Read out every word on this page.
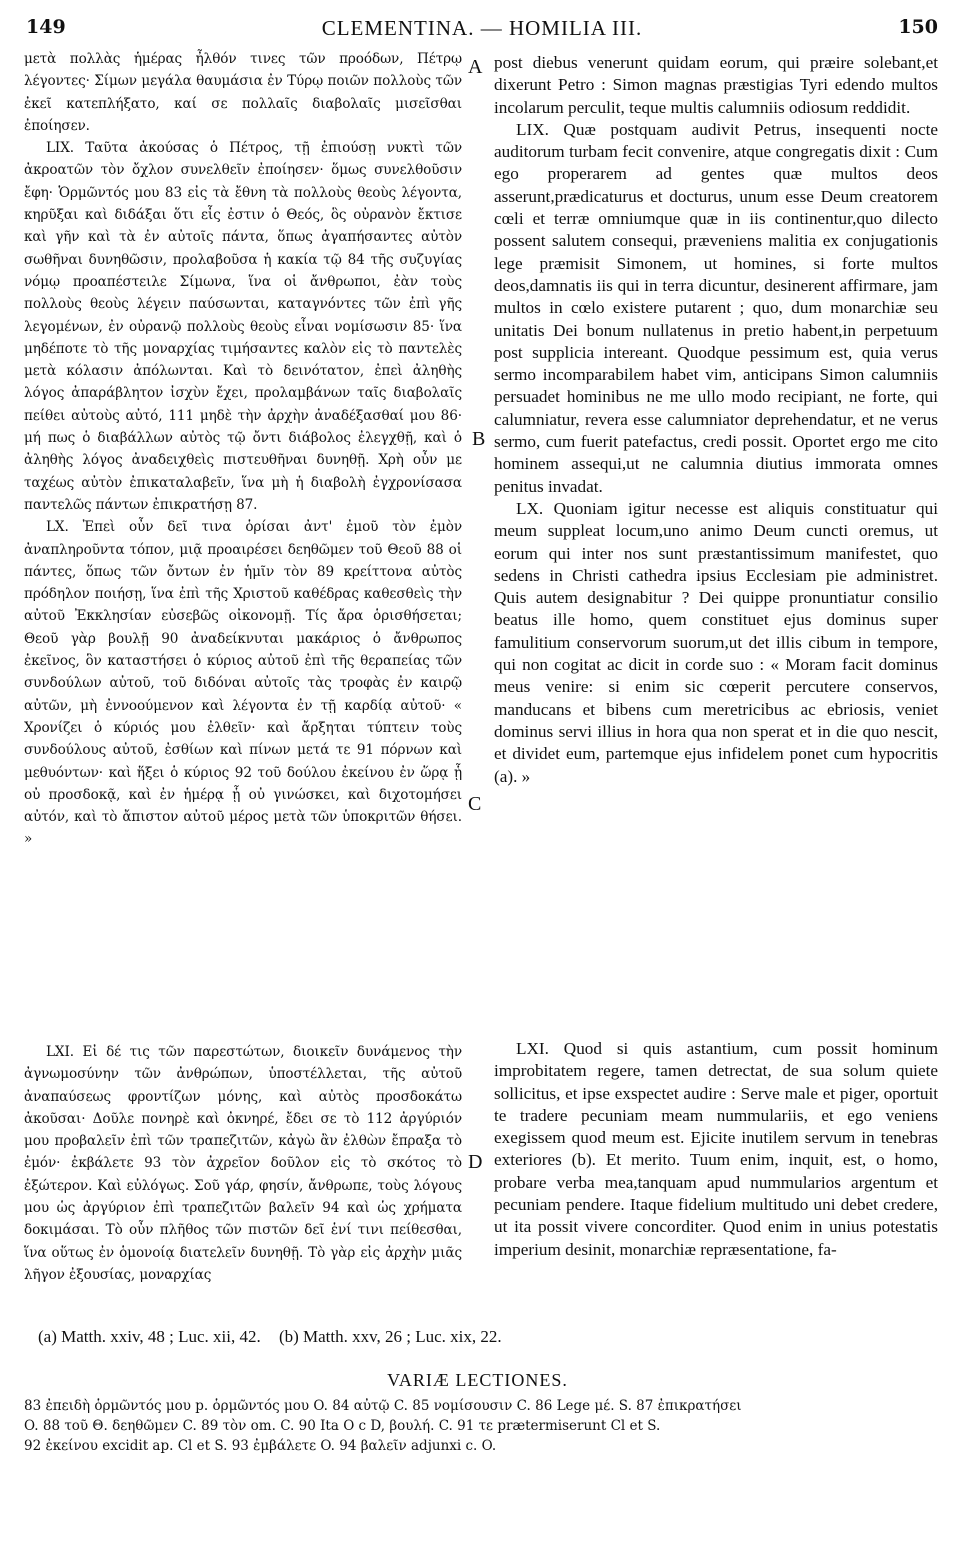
149	CLEMENTINA. — HOMILIA III.	150

μετὰ πολλὰς ἡμέρας ἦλθόν τινες τῶν προόδων, Πέτρῳ λέγοντες· Σίμων μεγάλα θαυμάσια ἐν Τύρῳ ποιῶν πολλοὺς τῶν ἐκεῖ κατεπλήξατο, καί σε πολλαῖς διαβολαῖς μισεῖσθαι ἐποίησεν.

LIX. Ταῦτα ἀκούσας ὁ Πέτρος, τῇ ἐπιούσῃ νυκτὶ τῶν ἀκροατῶν τὸν ὄχλον συνελθεῖν ἐποίησεν· ὅμως συνελθοῦσιν ἔφη· Ὁρμῶντός μου 83 εἰς τὰ ἔθνη τὰ πολλοὺς θεοὺς λέγοντα, κηρῦξαι καὶ διδάξαι ὅτι εἷς ἐστιν ὁ Θεός, ὃς οὐρανὸν ἔκτισε καὶ γῆν καὶ τὰ ἐν αὐτοῖς πάντα, ὅπως ἀγαπήσαντες αὐτὸν σωθῆναι δυνηθῶσιν, προλαβοῦσα ἡ κακία τῷ 84 τῆς συζυγίας νόμῳ προαπέστειλε Σίμωνα, ἵνα οἱ ἄνθρωποι, ἐὰν τοὺς πολλοὺς θεοὺς λέγειν παύσωνται, καταγνόντες τῶν ἐπὶ γῆς λεγομένων, ἐν οὐρανῷ πολλοὺς θεοὺς εἶναι νομίσωσιν 85· ἵνα μηδέποτε τὸ τῆς μοναρχίας τιμήσαντες καλὸν εἰς τὸ παντελὲς μετὰ κόλασιν ἀπόλωνται. Καὶ τὸ δεινότατον, ἐπεὶ ἀληθὴς λόγος ἀπαράβλητον ἰσχὺν ἔχει, προλαμβάνων ταῖς διαβολαῖς πείθει αὐτοὺς αὐτό, 111 μηδὲ τὴν ἀρχὴν ἀναδέξασθαί μου 86· μή πως ὁ διαβάλλων αὐτὸς τῷ ὄντι διάβολος ἐλεγχθῇ, καὶ ὁ ἀληθὴς λόγος ἀναδειχθεὶς πιστευθῆναι δυνηθῇ. Χρὴ οὖν με ταχέως αὐτὸν ἐπικαταλαβεῖν, ἵνα μὴ ἡ διαβολὴ ἐγχρονίσασα παντελῶς πάντων ἐπικρατήσῃ 87.

LX. Ἐπεὶ οὖν δεῖ τινα ὁρίσαι ἀντ' ἐμοῦ τὸν ἐμὸν ἀναπληροῦντα τόπον, μιᾷ προαιρέσει δεηθῶμεν τοῦ Θεοῦ 88 οἱ πάντες, ὅπως τῶν ὄντων ἐν ἡμῖν τὸν 89 κρείττονα αὐτὸς πρόδηλον ποιήσῃ, ἵνα ἐπὶ τῆς Χριστοῦ καθέδρας καθεσθεὶς τὴν αὐτοῦ Ἐκκλησίαν εὐσεβῶς οἰκονομῇ. Τίς ἄρα ὁρισθήσεται; Θεοῦ γὰρ βουλῇ 90 ἀναδείκνυται μακάριος ὁ ἄνθρωπος ἐκεῖνος, ὃν καταστήσει ὁ κύριος αὐτοῦ ἐπὶ τῆς θεραπείας τῶν συνδούλων αὐτοῦ, τοῦ διδόναι αὐτοῖς τὰς τροφὰς ἐν καιρῷ αὐτῶν, μὴ ἐννοούμενον καὶ λέγοντα ἐν τῇ καρδίᾳ αὐτοῦ· « Χρονίζει ὁ κύριός μου ἐλθεῖν· καὶ ἄρξηται τύπτειν τοὺς συνδούλους αὐτοῦ, ἐσθίων καὶ πίνων μετά τε 91 πόρνων καὶ μεθυόντων· καὶ ἥξει ὁ κύριος 92 τοῦ δούλου ἐκείνου ἐν ὥρᾳ ᾗ οὐ προσδοκᾷ, καὶ ἐν ἡμέρᾳ ᾗ οὐ γινώσκει, καὶ διχοτομήσει αὐτόν, καὶ τὸ ἄπιστον αὐτοῦ μέρος μετὰ τῶν ὑποκριτῶν θήσει. »

LXI. Εἰ δέ τις τῶν παρεστώτων, διοικεῖν δυνάμενος τὴν ἀγνωμοσύνην τῶν ἀνθρώπων, ὑποστέλλεται, τῆς αὐτοῦ ἀναπαύσεως φροντίζων μόνης, καὶ αὐτὸς προσδοκάτω ἀκοῦσαι· Δοῦλε πονηρὲ καὶ ὀκνηρέ, ἔδει σε τὸ 112 ἀργύριόν μου προβαλεῖν ἐπὶ τῶν τραπεζιτῶν, κἀγὼ ἂν ἐλθὼν ἔπραξα τὸ ἐμόν· ἐκβάλετε 93 τὸν ἀχρεῖον δοῦλον εἰς τὸ σκότος τὸ ἐξώτερον. Καὶ εὐλόγως. Σοῦ γάρ, φησίν, ἄνθρωπε, τοὺς λόγους μου ὡς ἀργύριον ἐπὶ τραπεζιτῶν βαλεῖν 94 καὶ ὡς χρήματα δοκιμάσαι. Τὸ οὖν πλῆθος τῶν πιστῶν δεῖ ἑνί τινι πείθεσθαι, ἵνα οὕτως ἐν ὁμονοίᾳ διατελεῖν δυνηθῇ. Τὸ γὰρ εἰς ἀρχὴν μιᾶς λῆγον ἐξουσίας, μοναρχίας

A
B
C
D

post diebus venerunt quidam eorum, qui præire solebant,et dixerunt Petro : Simon magnas præstigias Tyri edendo multos incolarum perculit, teque multis calumniis odiosum reddidit.

LIX. Quæ postquam audivit Petrus, insequenti nocte auditorum turbam fecit convenire, atque congregatis dixit : Cum ego properarem ad gentes quæ multos deos asserunt,prædicaturus et docturus, unum esse Deum creatorem cœli et terræ omniumque quæ in iis continentur,quo dilecto possent salutem consequi, præveniens malitia ex conjugationis lege præmisit Simonem, ut homines, si forte multos deos,damnatis iis qui in terra dicuntur, desinerent affirmare, jam multos in cœlo existere putarent ; quo, dum monarchiæ seu unitatis Dei bonum nullatenus in pretio habent,in perpetuum post supplicia intereant. Quodque pessimum est, quia verus sermo incomparabilem habet vim, anticipans Simon calumniis persuadet hominibus ne me ullo modo recipiant, ne forte, qui calumniatur, revera esse calumniator deprehendatur, et ne verus sermo, cum fuerit patefactus, credi possit. Oportet ergo me cito hominem assequi,ut ne calumnia diutius immorata omnes penitus invadat.

LX. Quoniam igitur necesse est aliquis constituatur qui meum suppleat locum,uno animo Deum cuncti oremus, ut eorum qui inter nos sunt præstantissimum manifestet, quo sedens in Christi cathedra ipsius Ecclesiam pie administret. Quis autem designabitur ? Dei quippe pronuntiatur consilio beatus ille homo, quem constituet ejus dominus super famulitium conservorum suorum,ut det illis cibum in tempore, qui non cogitat ac dicit in corde suo : « Moram facit dominus meus venire: si enim sic cœperit percutere conservos, manducans et bibens cum meretricibus ac ebriosis, veniet dominus servi illius in hora qua non sperat et in die quo nescit, et dividet eum, partemque ejus infidelem ponet cum hypocritis (a). »

LXI. Quod si quis astantium, cum possit hominum improbitatem regere, tamen detrectat, de sua solum quiete sollicitus, et ipse exspectet audire : Serve male et piger, oportuit te tradere pecuniam meam nummulariis, et ego veniens exegissem quod meum est. Ejicite inutilem servum in tenebras exteriores (b). Et merito. Tuum enim, inquit, est, o homo, probare verba mea,tanquam apud nummularios argentum et pecuniam pendere. Itaque fidelium multitudo uni debet credere, ut ita possit vivere concorditer. Quod enim in unius potestatis imperium desinit, monarchiæ repræsentatione, fa-

(a) Matth. xxiv, 48 ; Luc. xii, 42. (b) Matth. xxv, 26 ; Luc. xix, 22.
VARIÆ LECTIONES.
83 ἐπειδὴ ὁρμῶντός μου p. ὁρμῶντός μου O. 84 αὐτῷ C. 85 νομίσουσιν C. 86 Lege μέ. S. 87 ἐπικρατήσει
O. 88 τοῦ Θ. δεηθῶμεν C. 89 τὸν om. C. 90 Ita O c D, βουλή. C. 91 τε prætermiserunt Cl et S.
92 ἐκείνου excidit ap. Cl et S. 93 ἐμβάλετε O. 94 βαλεῖν adjunxi c. O.
